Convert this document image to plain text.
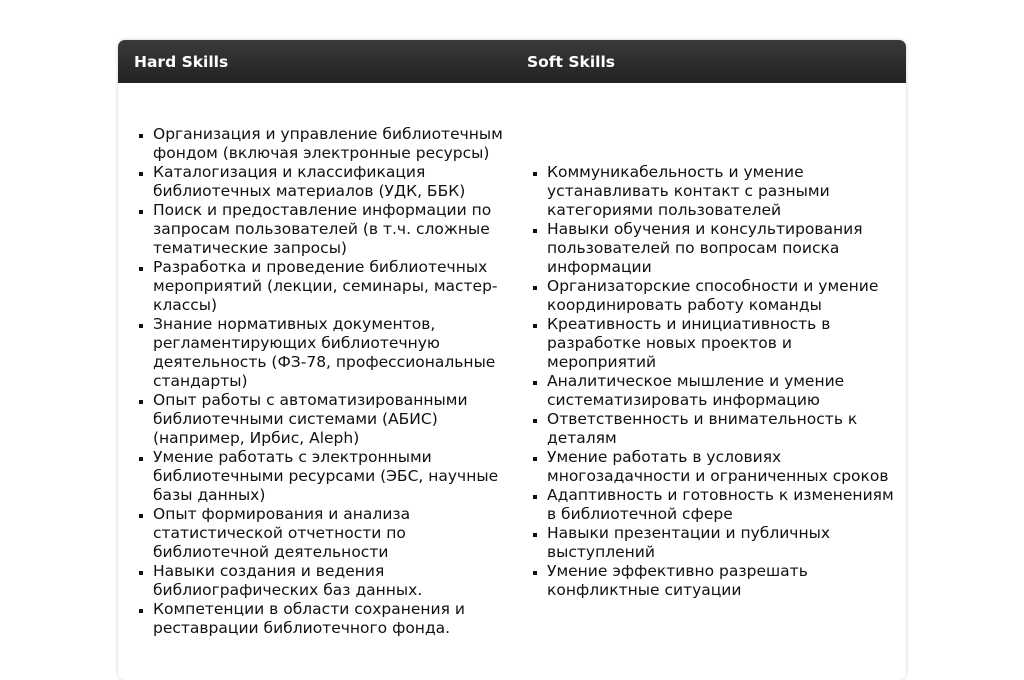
Hard Skills	Soft Skills
▪ Организация и управление библиотечным фондом (включая электронные ресурсы)
▪ Каталогизация и классификация библиотечных материалов (УДК, ББК)
▪ Поиск и предоставление информации по запросам пользователей (в т.ч. сложные тематические запросы)
▪ Разработка и проведение библиотечных мероприятий (лекции, семинары, мастер-классы)
▪ Знание нормативных документов, регламентирующих библиотечную деятельность (ФЗ-78, профессиональные стандарты)
▪ Опыт работы с автоматизированными библиотечными системами (АБИС) (например, Ирбис, Aleph)
▪ Умение работать с электронными библиотечными ресурсами (ЭБС, научные базы данных)
▪ Опыт формирования и анализа статистической отчетности по библиотечной деятельности
▪ Навыки создания и ведения библиографических баз данных.
▪ Компетенции в области сохранения и реставрации библиотечного фонда.
▪ Коммуникабельность и умение устанавливать контакт с разными категориями пользователей
▪ Навыки обучения и консультирования пользователей по вопросам поиска информации
▪ Организаторские способности и умение координировать работу команды
▪ Креативность и инициативность в разработке новых проектов и мероприятий
▪ Аналитическое мышление и умение систематизировать информацию
▪ Ответственность и внимательность к деталям
▪ Умение работать в условиях многозадачности и ограниченных сроков
▪ Адаптивность и готовность к изменениям в библиотечной сфере
▪ Навыки презентации и публичных выступлений
▪ Умение эффективно разрешать конфликтные ситуации
